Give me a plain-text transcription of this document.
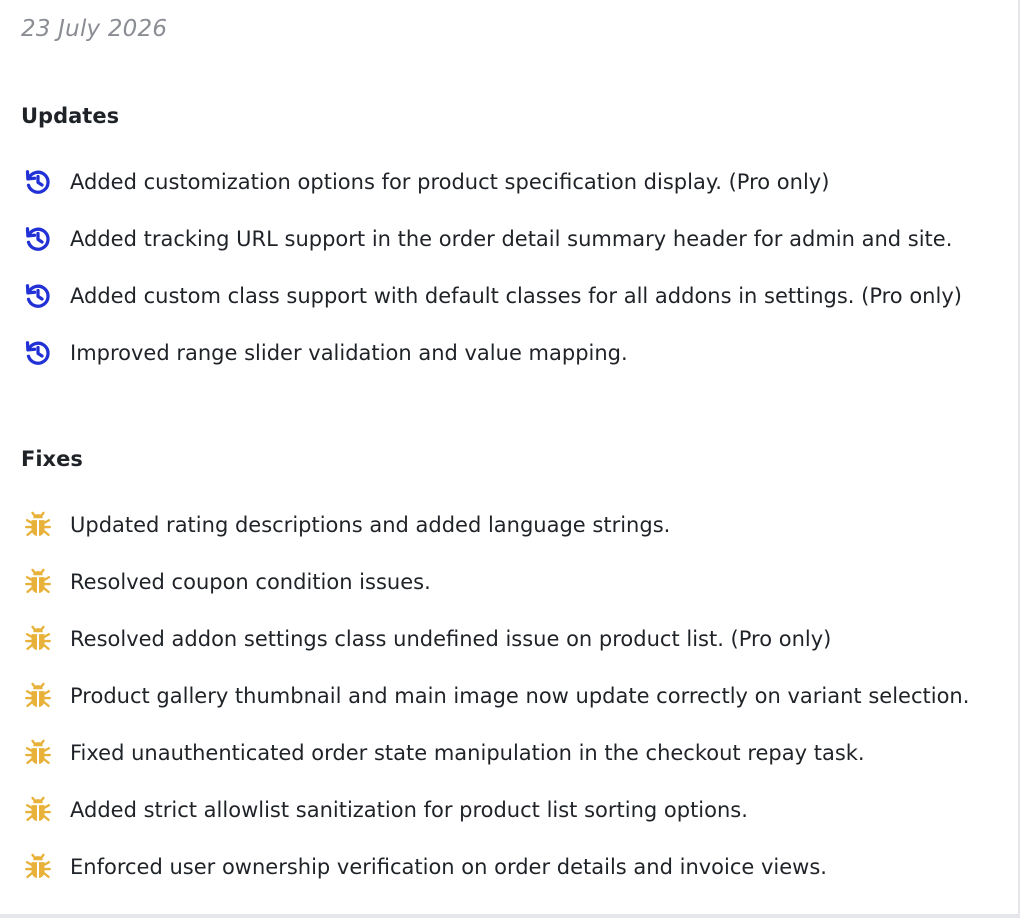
23 July 2026
Updates
Added customization options for product specification display. (Pro only)
Added tracking URL support in the order detail summary header for admin and site.
Added custom class support with default classes for all addons in settings. (Pro only)
Improved range slider validation and value mapping.
Fixes
Updated rating descriptions and added language strings.
Resolved coupon condition issues.
Resolved addon settings class undefined issue on product list. (Pro only)
Product gallery thumbnail and main image now update correctly on variant selection.
Fixed unauthenticated order state manipulation in the checkout repay task.
Added strict allowlist sanitization for product list sorting options.
Enforced user ownership verification on order details and invoice views.
